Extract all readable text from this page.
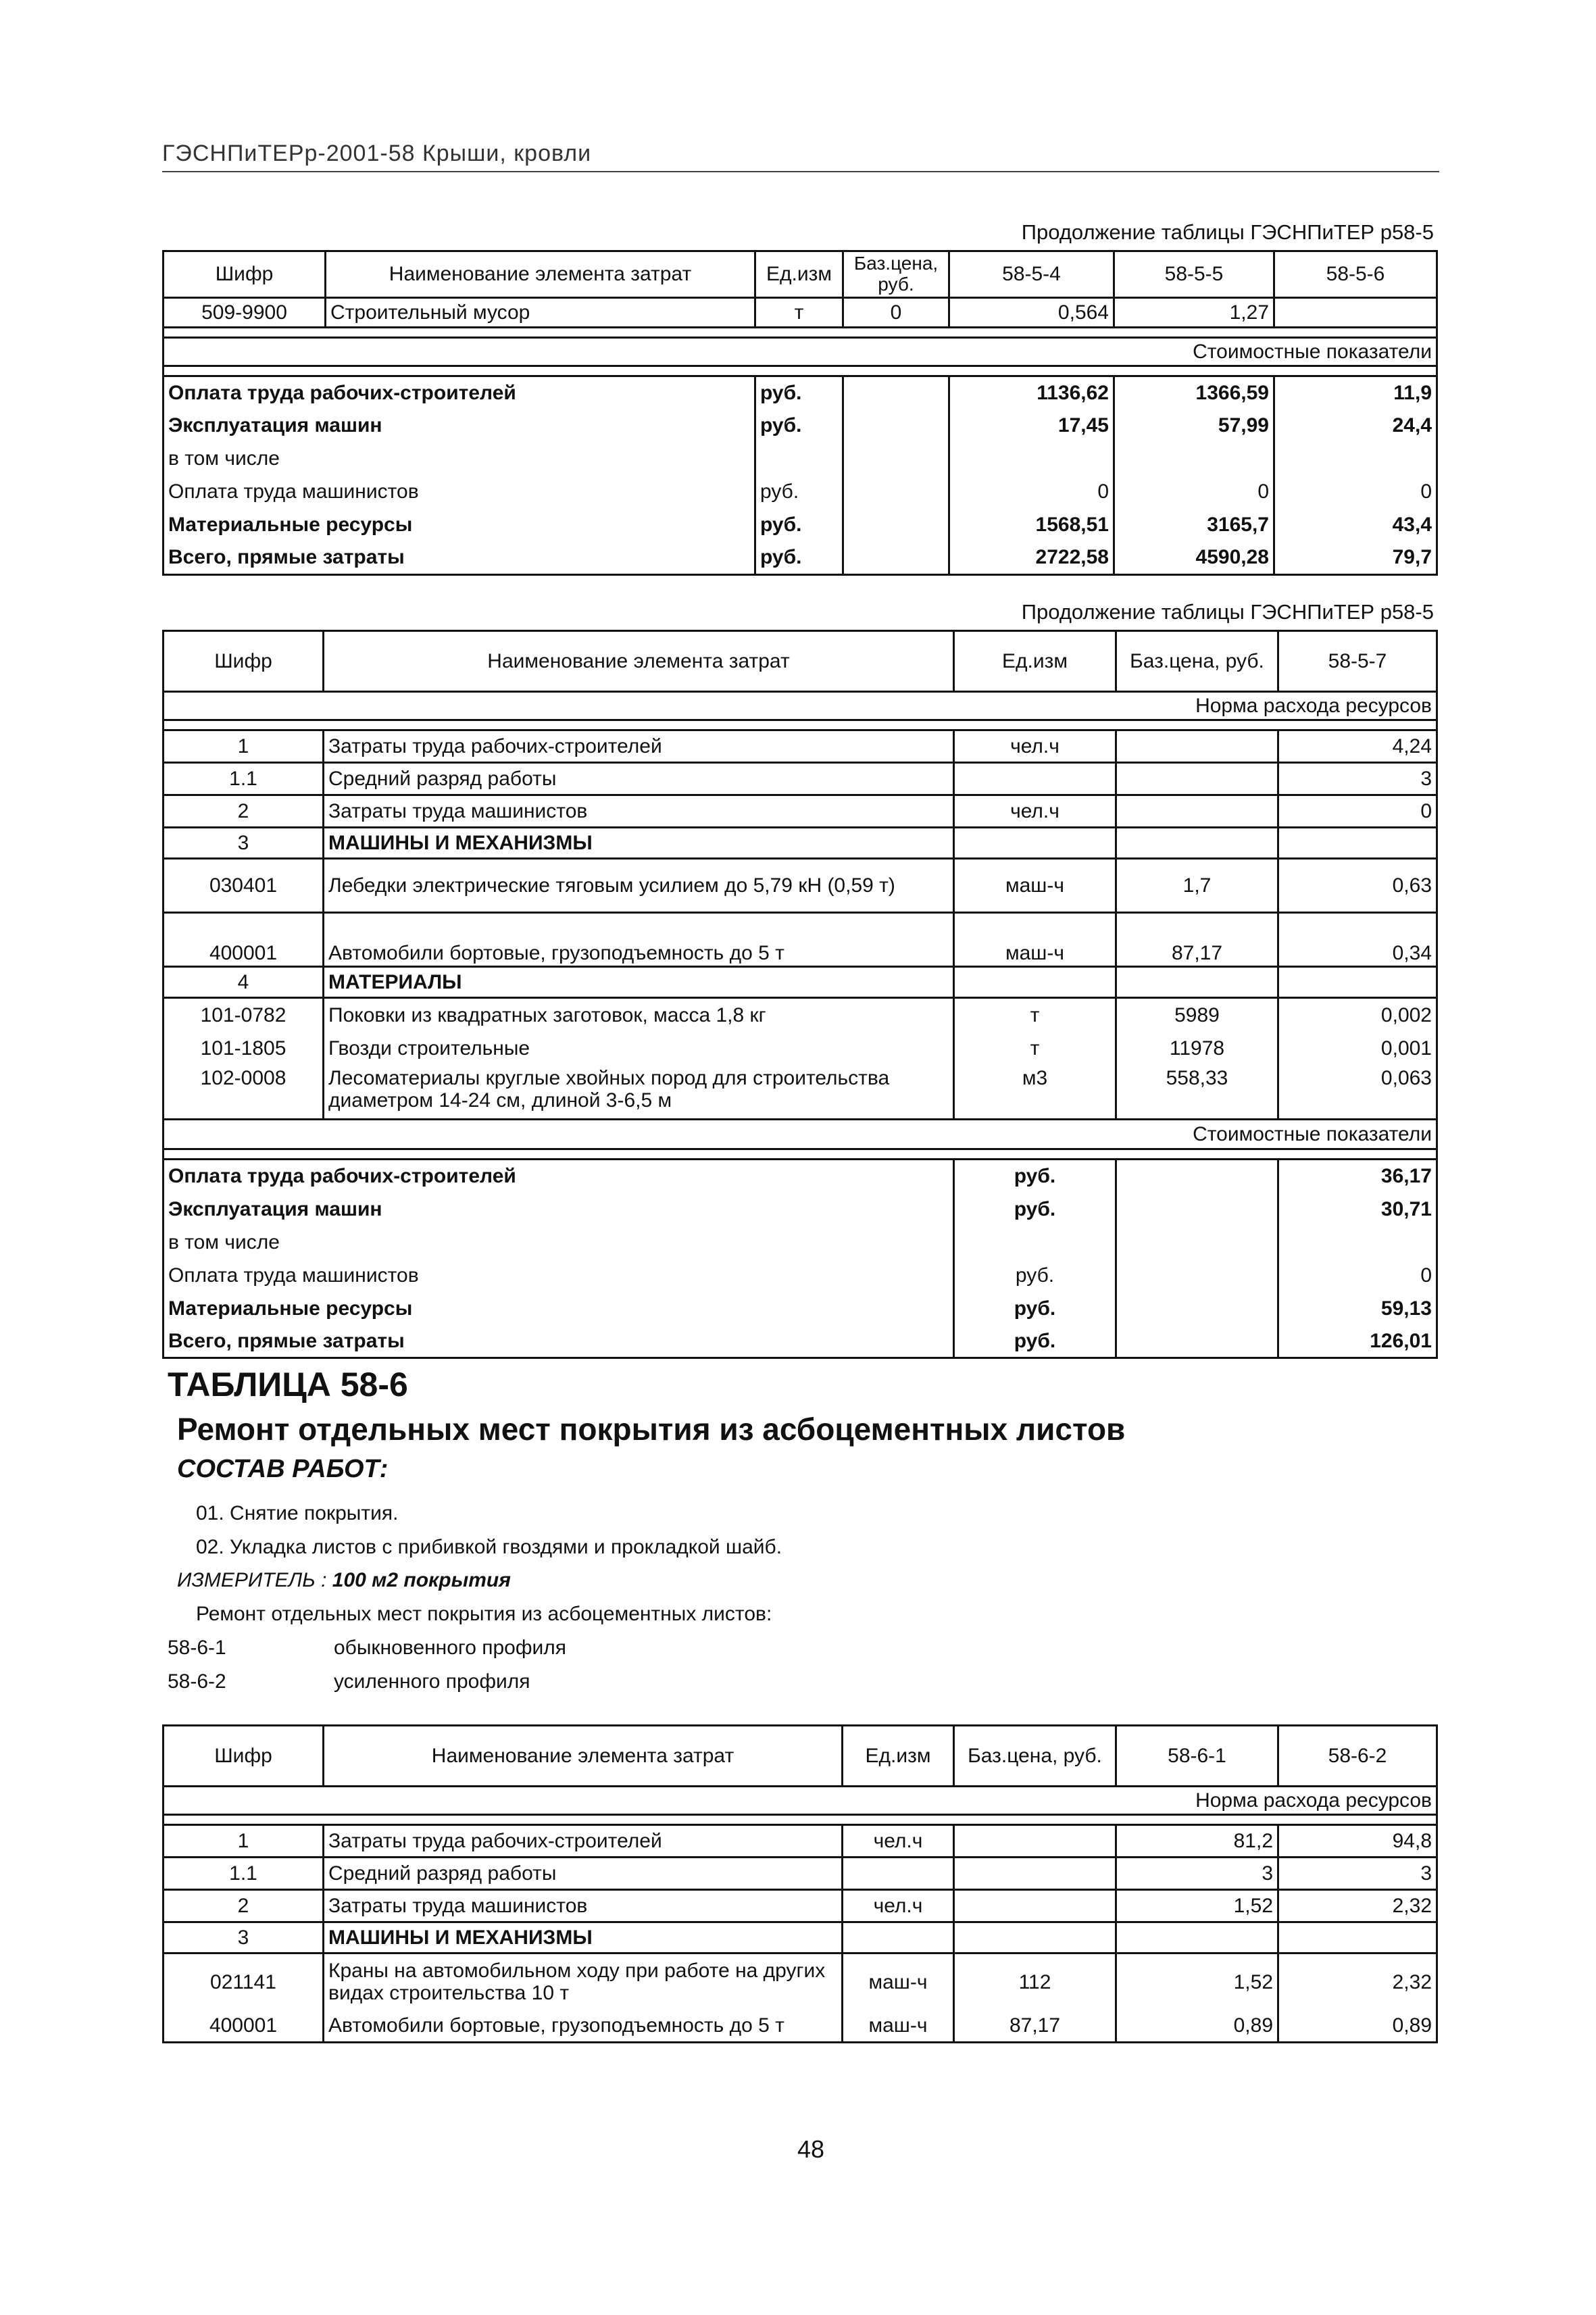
ГЭСНПиТЕРр-2001-58 Крыши, кровли
Продолжение таблицы ГЭСНПиТЕР р58-5
Шифр	Наименование элемента затрат	Ед.изм	Баз.цена, руб.	58-5-4	58-5-5	58-5-6
509-9900	Строительный мусор	т	0	0,564	1,27	

Стоимостные показатели						

Оплата труда рабочих-строителей		руб.		1136,62	1366,59	11,9
Эксплуатация машин		руб.		17,45	57,99	24,4
в том числе						
Оплата труда машинистов		руб.		0	0	0
Материальные ресурсы		руб.		1568,51	3165,7	43,4
Всего, прямые затраты		руб.		2722,58	4590,28	79,7
Продолжение таблицы ГЭСНПиТЕР р58-5
Шифр	Наименование элемента затрат	Ед.изм	Баз.цена, руб.	58-5-7
Норма расхода ресурсов				

1	Затраты труда рабочих-строителей	чел.ч		4,24
1.1	Средний разряд работы			3
2	Затраты труда машинистов	чел.ч		0
3	МАШИНЫ И МЕХАНИЗМЫ			
030401	Лебедки электрические тяговым усилием до 5,79 кН (0,59 т)	маш-ч	1,7	0,63
400001	Автомобили бортовые, грузоподъемность до 5 т	маш-ч	87,17	0,34
4	МАТЕРИАЛЫ			
101-0782	Поковки из квадратных заготовок, масса 1,8 кг	т	5989	0,002
101-1805	Гвозди строительные	т	11978	0,001
102-0008	Лесоматериалы круглые хвойных пород для строительства диаметром 14-24 см, длиной 3-6,5 м	м3	558,33	0,063
Стоимостные показатели				

Оплата труда рабочих-строителей		руб.		36,17
Эксплуатация машин		руб.		30,71
в том числе				
Оплата труда машинистов		руб.		0
Материальные ресурсы		руб.		59,13
Всего, прямые затраты		руб.		126,01
ТАБЛИЦА 58-6
Ремонт отдельных мест покрытия из асбоцементных листов
СОСТАВ РАБОТ:
01. Снятие покрытия.
02. Укладка листов с прибивкой гвоздями и прокладкой шайб.
ИЗМЕРИТЕЛЬ : 100 м2 покрытия
Ремонт отдельных мест покрытия из асбоцементных листов:
58-6-1	обыкновенного профиля
58-6-2	усиленного профиля
Шифр	Наименование элемента затрат	Ед.изм	Баз.цена, руб.	58-6-1	58-6-2
Норма расхода ресурсов					

1	Затраты труда рабочих-строителей	чел.ч		81,2	94,8
1.1	Средний разряд работы			3	3
2	Затраты труда машинистов	чел.ч		1,52	2,32
3	МАШИНЫ И МЕХАНИЗМЫ				
021141	Краны на автомобильном ходу при работе на других видах строительства 10 т	маш-ч	112	1,52	2,32
400001	Автомобили бортовые, грузоподъемность до 5 т	маш-ч	87,17	0,89	0,89
48
